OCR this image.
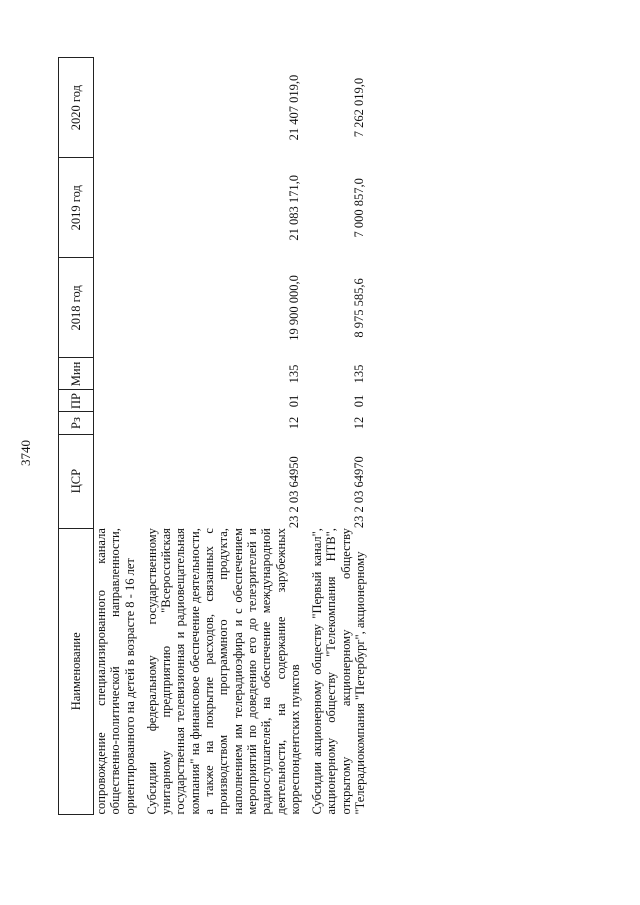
3740
Наименование	ЦСР	Рз	ПР	Мин	2018 год	2019 год	2020 год
сопровождение специализированного канала общественно-политической направленности, ориентированного на детей в возрасте 8 - 16 лет							
Субсидии федеральному государственному унитарному предприятию "Всероссийская государственная телевизионная и радиовещательная компания" на финансовое обеспечение деятельности, а также на покрытие расходов, связанных с производством программного продукта, наполнением им телерадиоэфира и с обеспечением мероприятий по доведению его до телезрителей и радиослушателей, на обеспечение международной деятельности, на содержание зарубежных корреспондентских пунктов	23 2 03 64950	12	01	135	19 900 000,0	21 083 171,0	21 407 019,0
Субсидии акционерному обществу "Первый канал", акционерному обществу "Телекомпания НТВ", открытому акционерному обществу "Телерадиокомпания "Петербург", акционерному	23 2 03 64970	12	01	135	8 975 585,6	7 000 857,0	7 262 019,0
